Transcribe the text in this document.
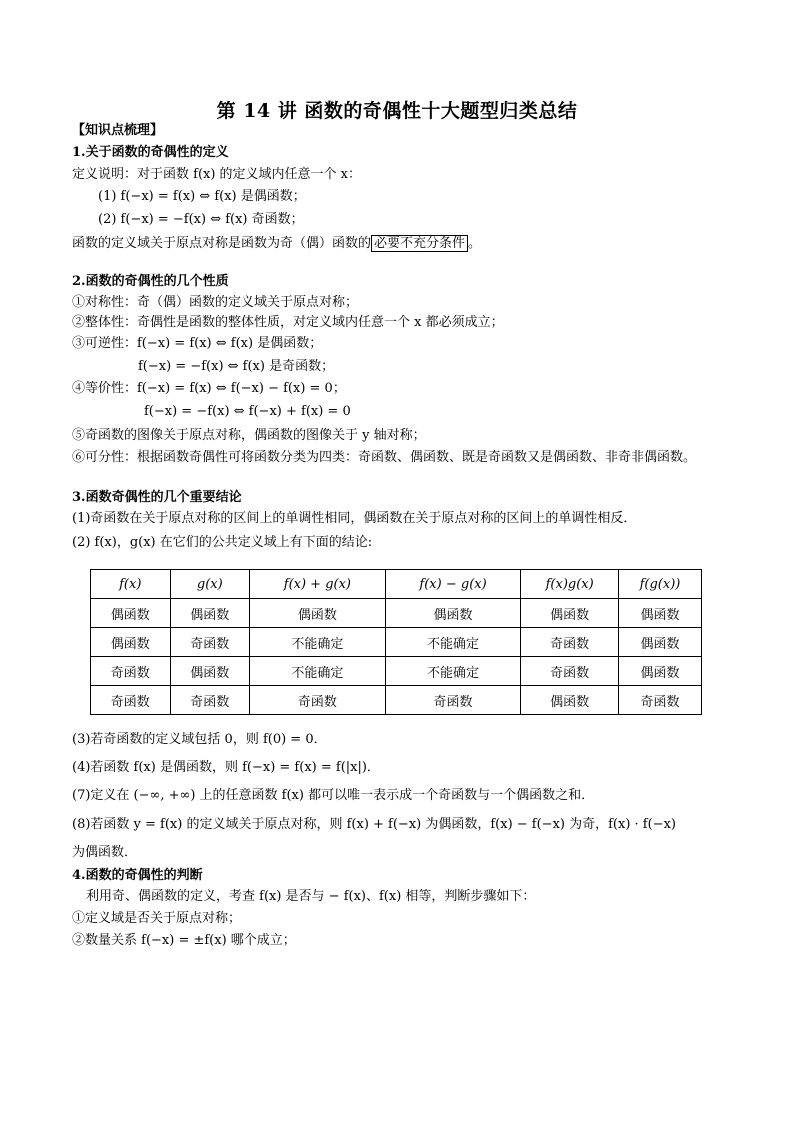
第 14 讲 函数的奇偶性十大题型归类总结
【知识点梳理】
1.关于函数的奇偶性的定义
定义说明：对于函数 f(x) 的定义域内任意一个 x：
(1) f(−x) = f(x) ⇔ f(x) 是偶函数；
(2) f(−x) = −f(x) ⇔ f(x) 奇函数；
函数的定义域关于原点对称是函数为奇（偶）函数的 必要不充分条件 。
2.函数的奇偶性的几个性质
①对称性：奇（偶）函数的定义域关于原点对称；
②整体性：奇偶性是函数的整体性质，对定义域内任意一个 x 都必须成立；
③可逆性：f(−x) = f(x) ⇔ f(x) 是偶函数；
f(−x) = −f(x) ⇔ f(x) 是奇函数；
④等价性：f(−x) = f(x) ⇔ f(−x) − f(x) = 0；
f(−x) = −f(x) ⇔ f(−x) + f(x) = 0
⑤奇函数的图像关于原点对称，偶函数的图像关于 y 轴对称；
⑥可分性：根据函数奇偶性可将函数分类为四类：奇函数、偶函数、既是奇函数又是偶函数、非奇非偶函数。
3.函数奇偶性的几个重要结论
(1)奇函数在关于原点对称的区间上的单调性相同，偶函数在关于原点对称的区间上的单调性相反．
(2) f(x)，g(x) 在它们的公共定义域上有下面的结论:
f(x)	g(x)	f(x) + g(x)	f(x) − g(x)	f(x)g(x)	f(g(x))
偶函数	偶函数	偶函数	偶函数	偶函数	偶函数
偶函数	奇函数	不能确定	不能确定	奇函数	偶函数
奇函数	偶函数	不能确定	不能确定	奇函数	偶函数
奇函数	奇函数	奇函数	奇函数	偶函数	奇函数
(3)若奇函数的定义域包括 0，则 f(0) = 0．
(4)若函数 f(x) 是偶函数，则 f(−x) = f(x) = f(|x|)．
(7)定义在 (−∞, +∞) 上的任意函数 f(x) 都可以唯一表示成一个奇函数与一个偶函数之和．
(8)若函数 y = f(x) 的定义域关于原点对称，则 f(x) + f(−x) 为偶函数，f(x) − f(−x) 为奇，f(x) · f(−x)
为偶函数．
4.函数的奇偶性的判断
利用奇、偶函数的定义，考查 f(x) 是否与 − f(x)、f(x) 相等，判断步骤如下：
①定义域是否关于原点对称；
②数量关系 f(−x) = ±f(x) 哪个成立；
